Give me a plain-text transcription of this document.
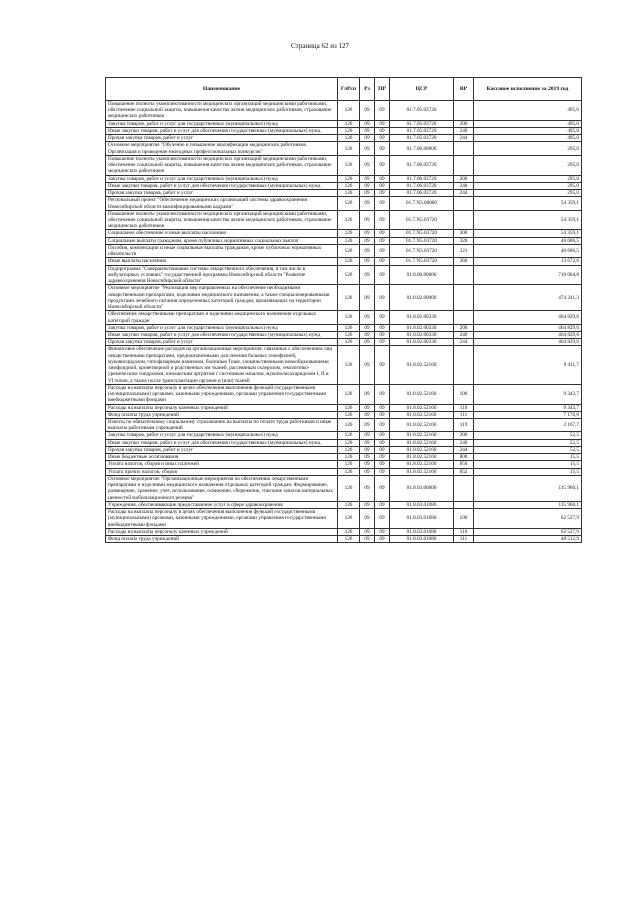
Страница 62 из 127
Наименование	ГлРсп	Рз	ПР	ЦСР	ВР	Кассовое исполнение за 2019 год
Повышение полноты укомплектованности медицинских организаций медицинскими работниками, обеспечение социальной защиты, повышения качества жизни медицинских работников, страхование медицинских работников	126	09	09	01.7.05.03720		495,0
Закупка товаров, работ и услуг для государственных (муниципальных) нужд	126	09	09	01.7.05.03720	200	495,0
Иные закупки товаров, работ и услуг для обеспечения государственных (муниципальных) нужд	126	09	09	01.7.05.03720	240	495,0
Прочая закупка товаров, работ и услуг	126	09	09	01.7.05.03720	244	495,0
Основное мероприятие "Обучение и повышение квалификации медицинских работников. Организация и проведение ежегодных профессиональных конкурсов"	126	09	09	01.7.06.00000		295,0
Повышение полноты укомплектованности медицинских организаций медицинскими работниками, обеспечение социальной защиты, повышения качества жизни медицинских работников, страхование медицинских работников	126	09	09	01.7.06.03720		295,0
Закупка товаров, работ и услуг для государственных (муниципальных) нужд	126	09	09	01.7.06.03720	200	295,0
Иные закупки товаров, работ и услуг для обеспечения государственных (муниципальных) нужд	126	09	09	01.7.06.03720	240	295,0
Прочая закупка товаров, работ и услуг	126	09	09	01.7.06.03720	244	295,0
Региональный проект "Обеспечение медицинских организаций системы здравоохранения Новосибирской области квалифицированными кадрами"	126	09	09	01.7.N5.00000		54 359,1
Повышение полноты укомплектованности медицинских организаций медицинскими работниками, обеспечение социальной защиты, повышения качества жизни медицинских работников, страхование медицинских работников	126	09	09	01.7.N5.03720		54 359,1
Социальное обеспечение и иные выплаты населению	126	09	09	01.7.N5.03720	300	54 359,1
Социальные выплаты гражданам, кроме публичных нормативных социальных выплат	126	09	09	01.7.N5.03720	320	40 686,5
Пособия, компенсации и иные социальные выплаты гражданам, кроме публичных нормативных обязательств	126	09	09	01.7.N5.03720	321	40 686,5
Иные выплаты населению	126	09	09	01.7.N5.03720	360	13 672,6
Подпрограмма "Совершенствование системы лекарственного обеспечения, в том числе в амбулаторных условиях" государственной программы Новосибирской области "Развитие здравоохранения Новосибирской области"	126	09	09	01.8.00.00000		710 064,8
Основное мероприятие "Реализация мер направленных на обеспечение необходимыми лекарственными препаратами, изделиями медицинского назначения, а также специализированными продуктами лечебного питания определенных категорий граждан, проживающих на территории Новосибирской области"	126	09	09	01.8.02.00000		474 241,3
Обеспечение лекарственными препаратами и изделиями медицинского назначения отдельных категорий граждан	126	09	09	01.8.02.00330		464 829,6
Закупка товаров, работ и услуг для государственных (муниципальных) нужд	126	09	09	01.8.02.00330	200	464 829,6
Иные закупки товаров, работ и услуг для обеспечения государственных (муниципальных) нужд	126	09	09	01.8.02.00330	240	464 829,6
Прочая закупка товаров, работ и услуг	126	09	09	01.8.02.00330	244	464 829,6
Финансовое обеспечение расходов на организационные мероприятия, связанные с обеспечением лиц лекарственными препаратами, предназначенными для лечения больных гемофилией, муковисцидозом, гипофизарным нанизмом, болезнью Гоше, злокачественными новообразованиями лимфоидной, кроветворной и родственных им тканей, рассеянным склерозом, гемолитико-уремическим синдромом, юношеским артритом с системным началом, мукополисахаридозом I, II и VI типов, а также после трансплантации органов и (или) тканей	126	09	09	01.8.02.52160		9 411,7
Расходы на выплаты персоналу в целях обеспечения выполнения функций государственными (муниципальными) органами, казенными учреждениями, органами управления государственными внебюджетными фондами	126	09	09	01.8.02.52160	100	9 343,7
Расходы на выплаты персоналу казенных учреждений	126	09	09	01.8.02.52160	110	9 343,7
Фонд оплаты труда учреждений	126	09	09	01.8.02.52160	111	7 176,0
Взносы по обязательному социальному страхованию на выплаты по оплате труда работников и иные выплаты работникам учреждений	126	09	09	01.8.02.52160	119	2 167,7
Закупка товаров, работ и услуг для государственных (муниципальных) нужд	126	09	09	01.8.02.52160	200	52,5
Иные закупки товаров, работ и услуг для обеспечения государственных (муниципальных) нужд	126	09	09	01.8.02.52160	240	52,5
Прочая закупка товаров, работ и услуг	126	09	09	01.8.02.52160	244	52,5
Иные бюджетные ассигнования	126	09	09	01.8.02.52160	800	15,5
Уплата налогов, сборов и иных платежей	126	09	09	01.8.02.52160	850	15,5
Уплата прочих налогов, сборов	126	09	09	01.8.02.52160	852	15,5
Основное мероприятие "Организационные мероприятия по обеспечению лекарственными препаратами и изделиями медицинского назначения отдельных категорий граждан. Формирование, размещение, хранение, учет, использование, освежение, сбережение, списание запасов материальных ценностей мобилизационного резерва"	126	09	09	01.8.03.00000		115 960,1
Учреждения, обеспечивающие предоставление услуг в сфере здравоохранения	126	09	09	01.8.03.01080		115 960,1
Расходы на выплаты персоналу в целях обеспечения выполнения функций государственными (муниципальными) органами, казенными учреждениями, органами управления государственными внебюджетными фондами	126	09	09	01.8.03.01080	100	62 527,9
Расходы на выплаты персоналу казенных учреждений	126	09	09	01.8.03.01080	110	62 527,9
Фонд оплаты труда учреждений	126	09	09	01.8.03.01080	111	48 512,9
